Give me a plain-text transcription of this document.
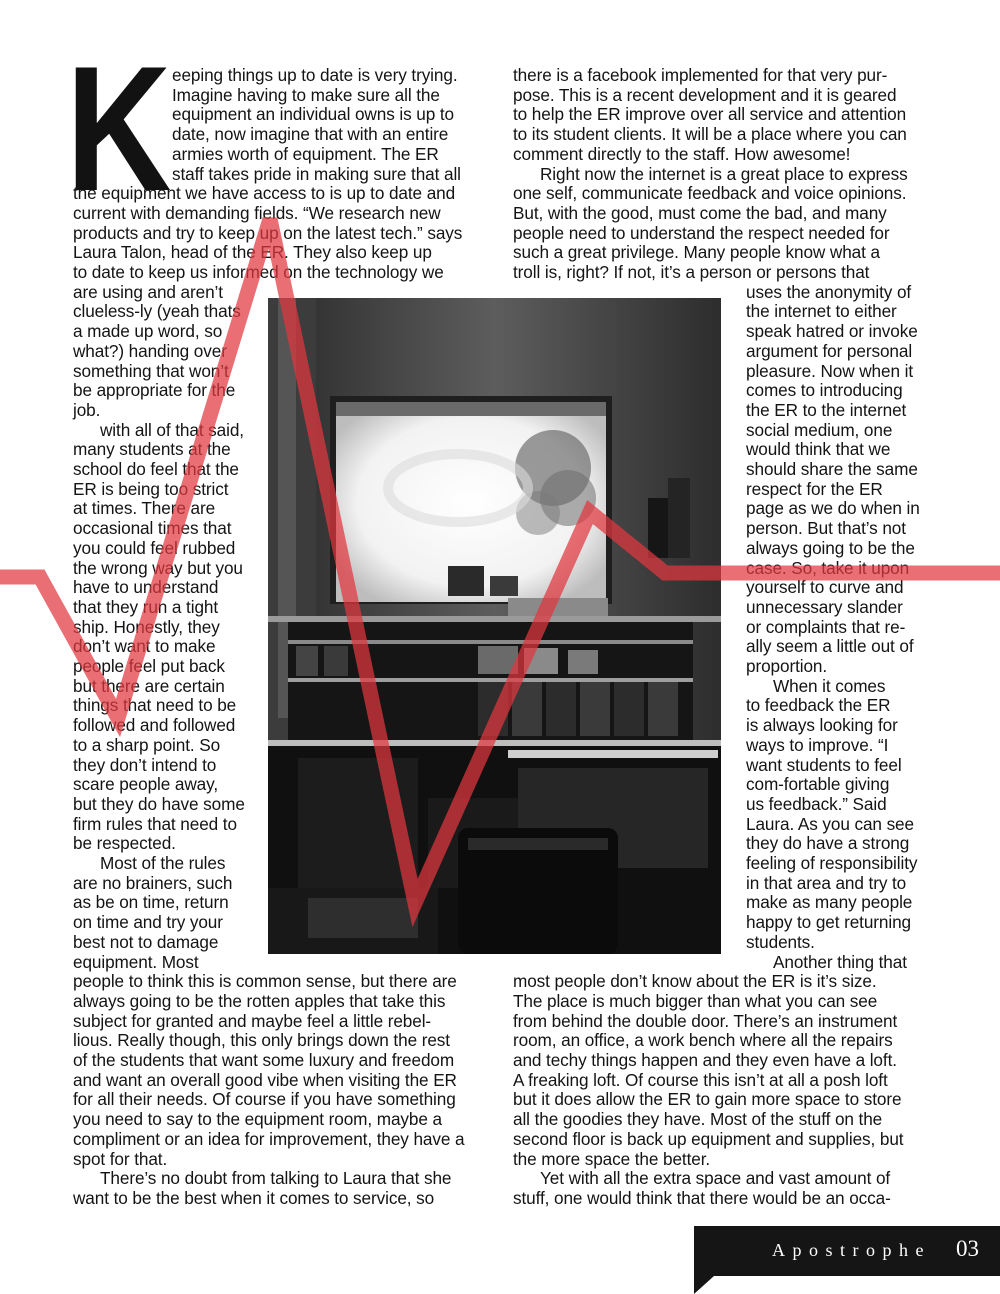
K eeping things up to date is very trying.

Imagine having to make sure all the

equipment an individual owns is up to

date, now imagine that with an entire

armies worth of equipment. The ER

staff takes pride in making sure that all

the equipment we have access to is up to date and

current with demanding fields. “We research new

products and try to keep up on the latest tech.” says

Laura Talon, head of the ER. They also keep up

to date to keep us informed on the technology we

are using and aren’t

clueless-ly (yeah thats

a made up word, so

what?) handing over

something that won’t

be appropriate for the

job.

with all of that said,

many students at the

school do feel that the

ER is being too strict

at times. There are

occasional times that

you could feel rubbed

the wrong way but you

have to understand

that they run a tight

ship. Honestly, they

don’t want to make

people feel put back

but there are certain

things that need to be

followed and followed

to a sharp point. So

they don’t intend to

scare people away,

but they do have some

firm rules that need to

be respected.

Most of the rules

are no brainers, such

as be on time, return

on time and try your

best not to damage

equipment. Most

people to think this is common sense, but there are

always going to be the rotten apples that take this

subject for granted and maybe feel a little rebel-

lious. Really though, this only brings down the rest

of the students that want some luxury and freedom

and want an overall good vibe when visiting the ER

for all their needs. Of course if you have something

you need to say to the equipment room, maybe a

compliment or an idea for improvement, they have a

spot for that.

There’s no doubt from talking to Laura that she

want to be the best when it comes to service, so

there is a facebook implemented for that very pur-

pose. This is a recent development and it is geared

to help the ER improve over all service and attention

to its student clients. It will be a place where you can

comment directly to the staff. How awesome!

Right now the internet is a great place to express

one self, communicate feedback and voice opinions.

But, with the good, must come the bad, and many

people need to understand the respect needed for

such a great privilege. Many people know what a

troll is, right? If not, it’s a person or persons that

uses the anonymity of

the internet to either

speak hatred or invoke

argument for personal

pleasure. Now when it

comes to introducing

the ER to the internet

social medium, one

would think that we

should share the same

respect for the ER

page as we do when in

person. But that’s not

always going to be the

case. So, take it upon

yourself to curve and

unnecessary slander

or complaints that re-

ally seem a little out of

proportion.

When it comes

to feedback the ER

is always looking for

ways to improve. “I

want students to feel

com-fortable giving

us feedback.” Said

Laura. As you can see

they do have a strong

feeling of responsibility

in that area and try to

make as many people

happy to get returning

students.

Another thing that

most people don’t know about the ER is it’s size.

The place is much bigger than what you can see

from behind the double door. There’s an instrument

room, an office, a work bench where all the repairs

and techy things happen and they even have a loft.

A freaking loft. Of course this isn’t at all a posh loft

but it does allow the ER to gain more space to store

all the goodies they have. Most of the stuff on the

second floor is back up equipment and supplies, but

the more space the better.

Yet with all the extra space and vast amount of

stuff, one would think that there would be an occa-

Apostrophe 03
